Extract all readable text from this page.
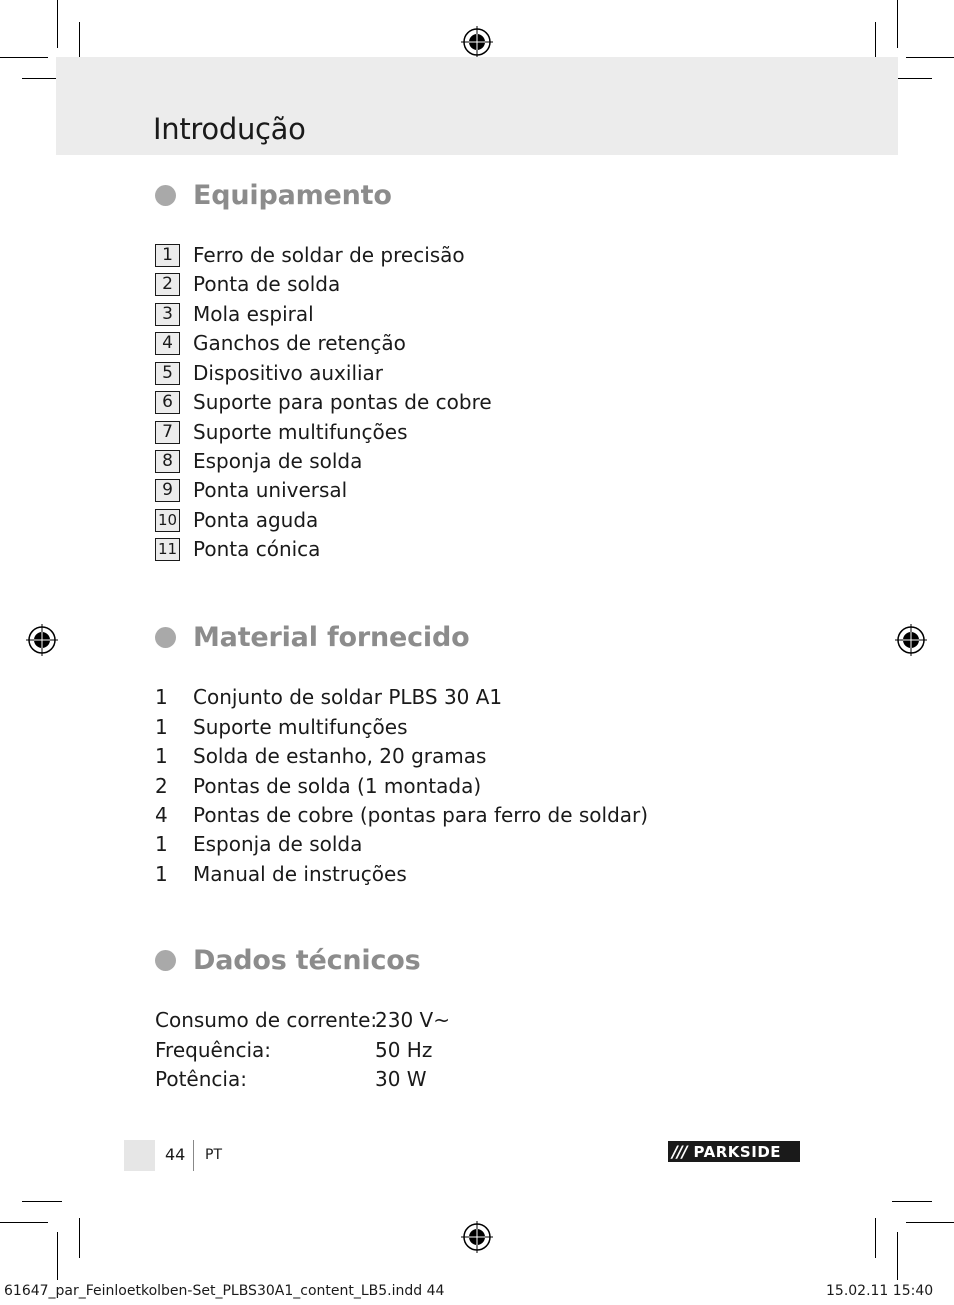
Introdução
Equipamento
1	Ferro de soldar de precisão
2	Ponta de solda
3	Mola espiral
4	Ganchos de retenção
5	Dispositivo auxiliar
6	Suporte para pontas de cobre
7	Suporte multifunções
8	Esponja de solda
9	Ponta universal
10 Ponta aguda
11 Ponta cónica
Material fornecido
1 Conjunto de soldar PLBS 30 A1
1 Suporte multifunções
1 Solda de estanho, 20 gramas
2 Pontas de solda (1 montada)
4 Pontas de cobre (pontas para ferro de soldar)
1 Esponja de solda
1 Manual de instruções
Dados técnicos
Consumo de corrente:
230 V~
Frequência:	50 Hz
Potência:	30 W
44 PT	/// PARKSIDE
61647_par_Feinloetkolben-Set_PLBS30A1_content_LB5.indd 44	15.02.11 15:40
